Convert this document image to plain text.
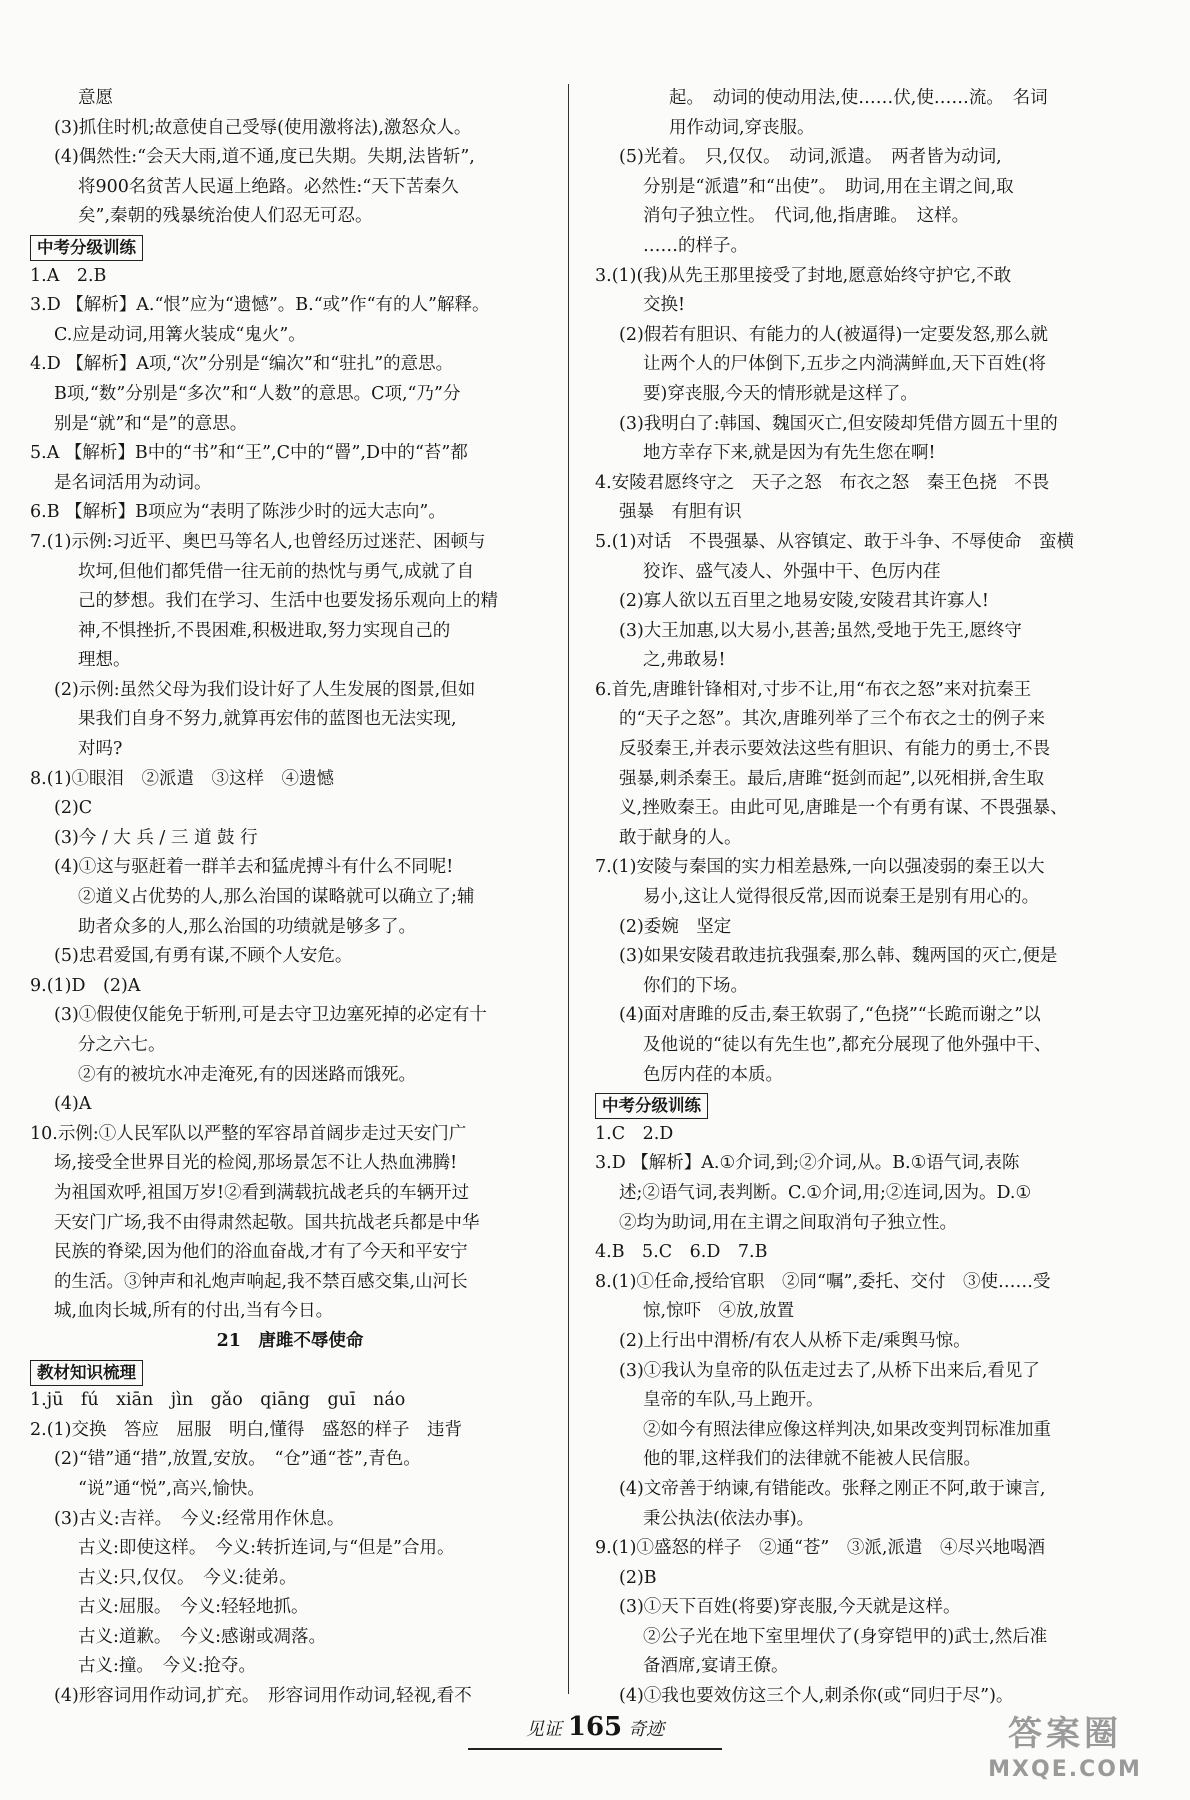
意愿
(3)抓住时机;故意使自己受辱(使用激将法),激怒众人。
(4)偶然性:“会天大雨,道不通,度已失期。失期,法皆斩”,
将900名贫苦人民逼上绝路。必然性:“天下苦秦久
矣”,秦朝的残暴统治使人们忍无可忍。
中考分级训练
1.A　2.B
3.D 【解析】A.“恨”应为“遗憾”。B.“或”作“有的人”解释。
C.应是动词,用篝火装成“鬼火”。
4.D 【解析】A项,“次”分别是“编次”和“驻扎”的意思。
B项,“数”分别是“多次”和“人数”的意思。C项,“乃”分
别是“就”和“是”的意思。
5.A 【解析】B中的“书”和“王”,C中的“罾”,D中的“苔”都
是名词活用为动词。
6.B 【解析】B项应为“表明了陈涉少时的远大志向”。
7.(1)示例:习近平、奥巴马等名人,也曾经历过迷茫、困顿与
坎坷,但他们都凭借一往无前的热忱与勇气,成就了自
己的梦想。我们在学习、生活中也要发扬乐观向上的精
神,不惧挫折,不畏困难,积极进取,努力实现自己的
理想。
(2)示例:虽然父母为我们设计好了人生发展的图景,但如
果我们自身不努力,就算再宏伟的蓝图也无法实现,
对吗?
8.(1)①眼泪　②派遣　③这样　④遗憾
(2)C
(3)今 / 大 兵 / 三 道 鼓 行
(4)①这与驱赶着一群羊去和猛虎搏斗有什么不同呢!
②道义占优势的人,那么治国的谋略就可以确立了;辅
助者众多的人,那么治国的功绩就是够多了。
(5)忠君爱国,有勇有谋,不顾个人安危。
9.(1)D　(2)A
(3)①假使仅能免于斩刑,可是去守卫边塞死掉的必定有十
分之六七。
②有的被坑水冲走淹死,有的因迷路而饿死。
(4)A
10.示例:①人民军队以严整的军容昂首阔步走过天安门广
场,接受全世界目光的检阅,那场景怎不让人热血沸腾!
为祖国欢呼,祖国万岁!②看到满载抗战老兵的车辆开过
天安门广场,我不由得肃然起敬。国共抗战老兵都是中华
民族的脊梁,因为他们的浴血奋战,才有了今天和平安宁
的生活。③钟声和礼炮声响起,我不禁百感交集,山河长
城,血肉长城,所有的付出,当有今日。
21　唐雎不辱使命
教材知识梳理
1.jū　fú　xiān　jìn　gǎo　qiāng　guī　náo
2.(1)交换　答应　屈服　明白,懂得　盛怒的样子　违背
(2)“错”通“措”,放置,安放。　“仓”通“苍”,青色。
“说”通“悦”,高兴,愉快。
(3)古义:吉祥。　今义:经常用作休息。
古义:即使这样。　今义:转折连词,与“但是”合用。
古义:只,仅仅。　今义:徒弟。
古义:屈服。　今义:轻轻地抓。
古义:道歉。　今义:感谢或凋落。
古义:撞。　今义:抢夺。
(4)形容词用作动词,扩充。　形容词用作动词,轻视,看不
起。　动词的使动用法,使……伏,使……流。　名词
用作动词,穿丧服。
(5)光着。　只,仅仅。　动词,派遣。　两者皆为动词,
分别是“派遣”和“出使”。　助词,用在主谓之间,取
消句子独立性。　代词,他,指唐雎。　这样。
……的样子。
3.(1)(我)从先王那里接受了封地,愿意始终守护它,不敢
交换!
(2)假若有胆识、有能力的人(被逼得)一定要发怒,那么就
让两个人的尸体倒下,五步之内淌满鲜血,天下百姓(将
要)穿丧服,今天的情形就是这样了。
(3)我明白了:韩国、魏国灭亡,但安陵却凭借方圆五十里的
地方幸存下来,就是因为有先生您在啊!
4.安陵君愿终守之　天子之怒　布衣之怒　秦王色挠　不畏
强暴　有胆有识
5.(1)对话　不畏强暴、从容镇定、敢于斗争、不辱使命　蛮横
狡诈、盛气凌人、外强中干、色厉内荏
(2)寡人欲以五百里之地易安陵,安陵君其许寡人!
(3)大王加惠,以大易小,甚善;虽然,受地于先王,愿终守
之,弗敢易!
6.首先,唐雎针锋相对,寸步不让,用“布衣之怒”来对抗秦王
的“天子之怒”。其次,唐雎列举了三个布衣之士的例子来
反驳秦王,并表示要效法这些有胆识、有能力的勇士,不畏
强暴,刺杀秦王。最后,唐雎“挺剑而起”,以死相拼,舍生取
义,挫败秦王。由此可见,唐雎是一个有勇有谋、不畏强暴、
敢于献身的人。
7.(1)安陵与秦国的实力相差悬殊,一向以强凌弱的秦王以大
易小,这让人觉得很反常,因而说秦王是别有用心的。
(2)委婉　坚定
(3)如果安陵君敢违抗我强秦,那么韩、魏两国的灭亡,便是
你们的下场。
(4)面对唐雎的反击,秦王软弱了,“色挠”“长跪而谢之”以
及他说的“徒以有先生也”,都充分展现了他外强中干、
色厉内荏的本质。
中考分级训练
1.C　2.D
3.D 【解析】A.①介词,到;②介词,从。B.①语气词,表陈
述;②语气词,表判断。C.①介词,用;②连词,因为。D.①
②均为助词,用在主谓之间取消句子独立性。
4.B　5.C　6.D　7.B
8.(1)①任命,授给官职　②同“嘱”,委托、交付　③使……受
惊,惊吓　④放,放置
(2)上行出中渭桥/有农人从桥下走/乘舆马惊。
(3)①我认为皇帝的队伍走过去了,从桥下出来后,看见了
皇帝的车队,马上跑开。
②如今有照法律应像这样判决,如果改变判罚标准加重
他的罪,这样我们的法律就不能被人民信服。
(4)文帝善于纳谏,有错能改。张释之刚正不阿,敢于谏言,
秉公执法(依法办事)。
9.(1)①盛怒的样子　②通“苍”　③派,派遣　④尽兴地喝酒
(2)B
(3)①天下百姓(将要)穿丧服,今天就是这样。
②公子光在地下室里埋伏了(身穿铠甲的)武士,然后准
备酒席,宴请王僚。
(4)①我也要效仿这三个人,刺杀你(或“同归于尽”)。
见证 165 奇迹	答案圈
MXQE.COM
